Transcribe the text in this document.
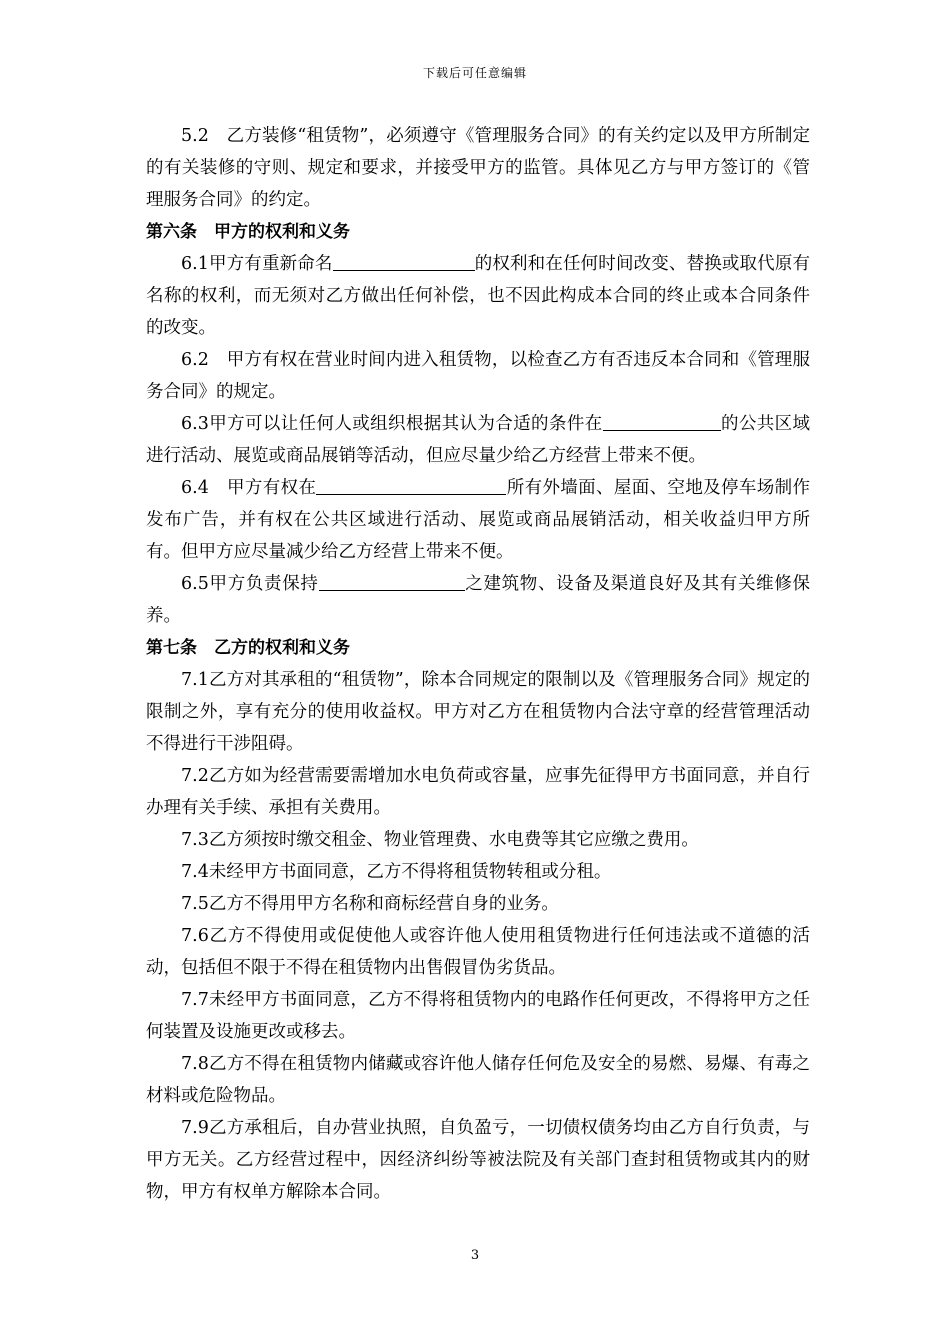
下载后可任意编辑

5.2　乙方装修“租赁物”，必须遵守《管理服务合同》的有关约定以及甲方所制定的有关装修的守则、规定和要求，并接受甲方的监管。具体见乙方与甲方签订的《管理服务合同》的约定。

第六条　甲方的权利和义务

6.1甲方有重新命名	的权利和在任何时间改变、替换或取代原有名称的权利，而无须对乙方做出任何补偿，也不因此构成本合同的终止或本合同条件的改变。

6.2　甲方有权在营业时间内进入租赁物，以检查乙方有否违反本合同和《管理服务合同》的规定。

6.3甲方可以让任何人或组织根据其认为合适的条件在	的公共区域进行活动、展览或商品展销等活动，但应尽量少给乙方经营上带来不便。

6.4　甲方有权在	所有外墙面、屋面、空地及停车场制作发布广告，并有权在公共区域进行活动、展览或商品展销活动，相关收益归甲方所有。但甲方应尽量减少给乙方经营上带来不便。

6.5甲方负责保持	之建筑物、设备及渠道良好及其有关维修保养。

第七条　乙方的权利和义务

7.1乙方对其承租的“租赁物”，除本合同规定的限制以及《管理服务合同》规定的限制之外，享有充分的使用收益权。甲方对乙方在租赁物内合法守章的经营管理活动不得进行干涉阻碍。

7.2乙方如为经营需要需增加水电负荷或容量，应事先征得甲方书面同意，并自行办理有关手续、承担有关费用。

7.3乙方须按时缴交租金、物业管理费、水电费等其它应缴之费用。

7.4未经甲方书面同意，乙方不得将租赁物转租或分租。

7.5乙方不得用甲方名称和商标经营自身的业务。

7.6乙方不得使用或促使他人或容许他人使用租赁物进行任何违法或不道德的活动，包括但不限于不得在租赁物内出售假冒伪劣货品。

7.7未经甲方书面同意，乙方不得将租赁物内的电路作任何更改，不得将甲方之任何装置及设施更改或移去。

7.8乙方不得在租赁物内储藏或容许他人储存任何危及安全的易燃、易爆、有毒之材料或危险物品。

7.9乙方承租后，自办营业执照，自负盈亏，一切债权债务均由乙方自行负责，与甲方无关。乙方经营过程中，因经济纠纷等被法院及有关部门查封租赁物或其内的财物，甲方有权单方解除本合同。

3
